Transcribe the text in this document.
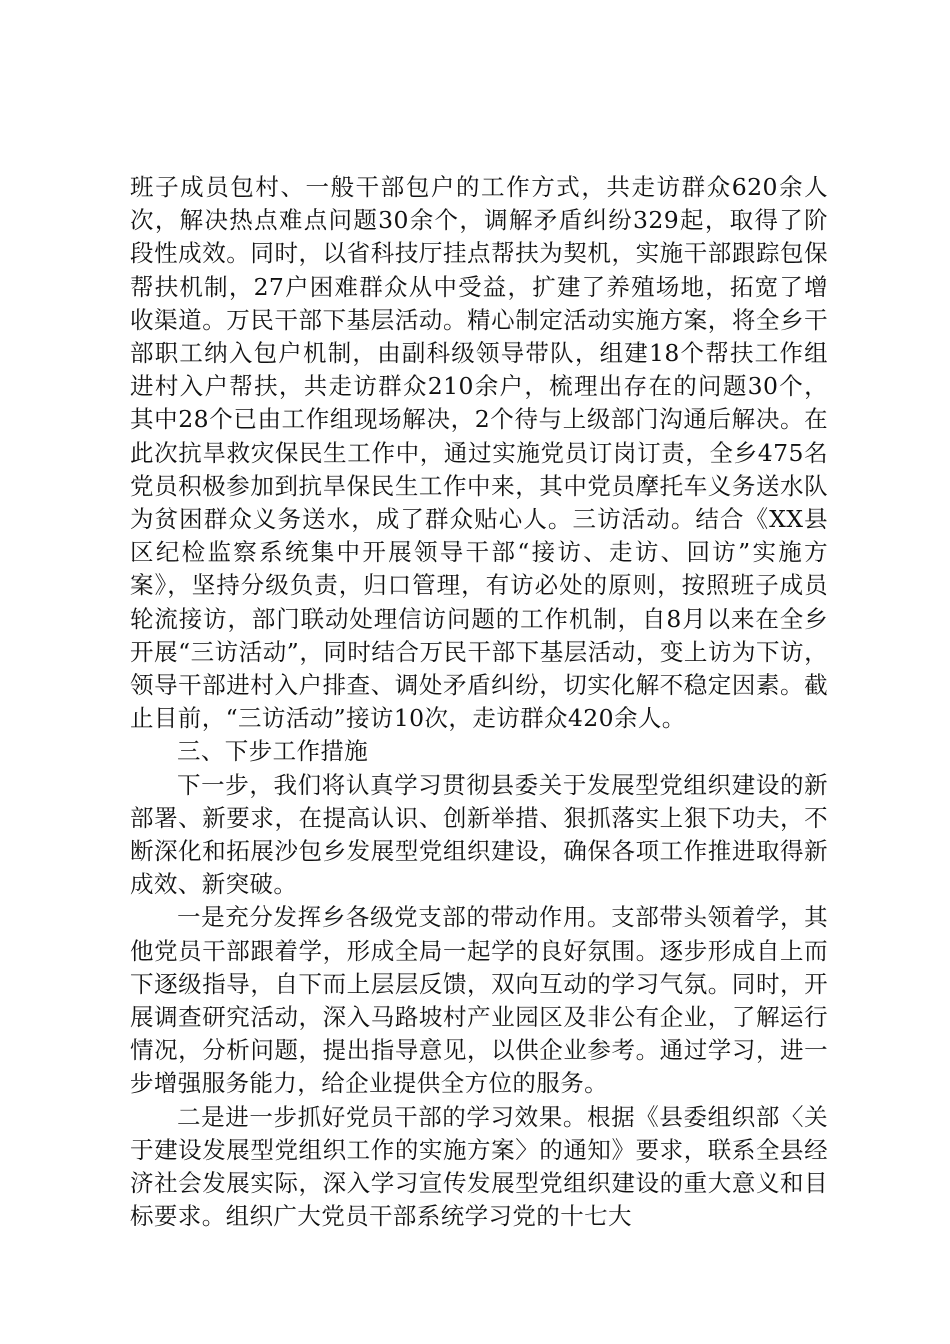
班子成员包村、一般干部包户的工作方式，共走访群众620余人次，解决热点难点问题30余个，调解矛盾纠纷329起，取得了阶段性成效。同时，以省科技厅挂点帮扶为契机，实施干部跟踪包保帮扶机制，27户困难群众从中受益，扩建了养殖场地，拓宽了增收渠道。万民干部下基层活动。精心制定活动实施方案，将全乡干部职工纳入包户机制，由副科级领导带队，组建18个帮扶工作组进村入户帮扶，共走访群众210余户，梳理出存在的问题30个，其中28个已由工作组现场解决，2个待与上级部门沟通后解决。在此次抗旱救灾保民生工作中，通过实施党员订岗订责，全乡475名党员积极参加到抗旱保民生工作中来，其中党员摩托车义务送水队为贫困群众义务送水，成了群众贴心人。三访活动。结合《XX县区纪检监察系统集中开展领导干部“接访、走访、回访”实施方案》，坚持分级负责，归口管理，有访必处的原则，按照班子成员轮流接访，部门联动处理信访问题的工作机制，自8月以来在全乡开展“三访活动”，同时结合万民干部下基层活动，变上访为下访，领导干部进村入户排查、调处矛盾纠纷，切实化解不稳定因素。截止目前，“三访活动”接访10次，走访群众420余人。

三、下步工作措施

下一步，我们将认真学习贯彻县委关于发展型党组织建设的新部署、新要求，在提高认识、创新举措、狠抓落实上狠下功夫，不断深化和拓展沙包乡发展型党组织建设，确保各项工作推进取得新成效、新突破。

一是充分发挥乡各级党支部的带动作用。支部带头领着学，其他党员干部跟着学，形成全局一起学的良好氛围。逐步形成自上而下逐级指导，自下而上层层反馈，双向互动的学习气氛。同时，开展调查研究活动，深入马路坡村产业园区及非公有企业，了解运行情况，分析问题，提出指导意见，以供企业参考。通过学习，进一步增强服务能力，给企业提供全方位的服务。

二是进一步抓好党员干部的学习效果。根据《县委组织部〈关于建设发展型党组织工作的实施方案〉的通知》要求，联系全县经济社会发展实际，深入学习宣传发展型党组织建设的重大意义和目标要求。组织广大党员干部系统学习党的十七大
